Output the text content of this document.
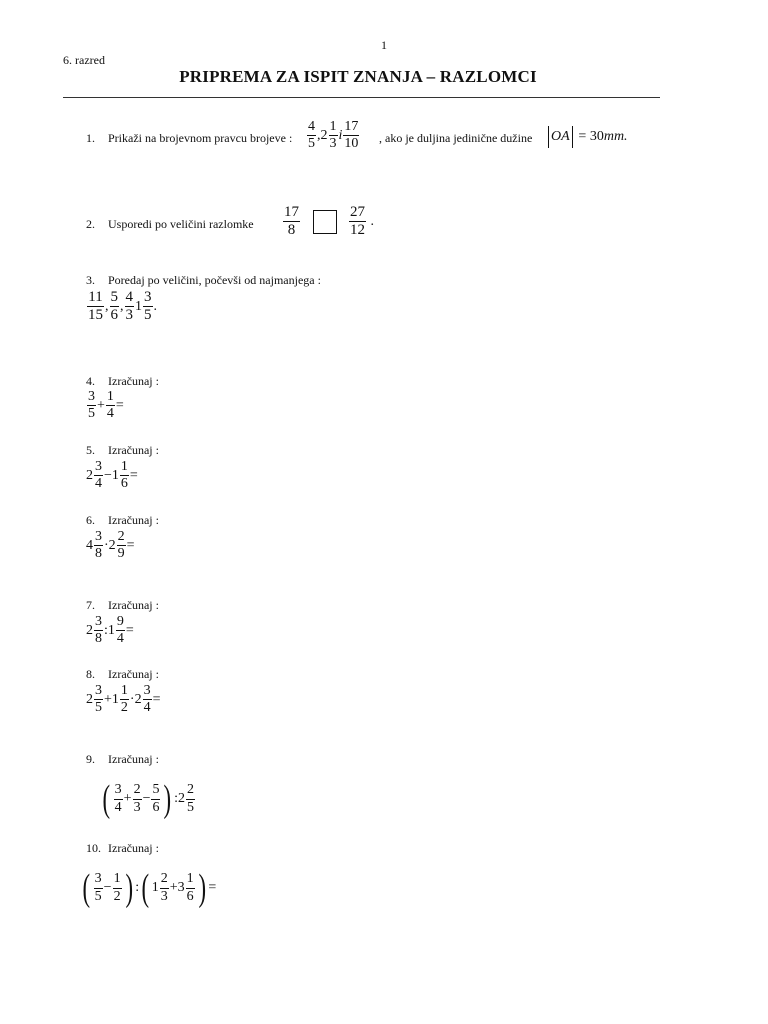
1
6. razred
PRIPREMA ZA ISPIT ZNANJA – RAZLOMCI
1. Prikaži na brojevnom pravcu brojeve : $\frac{4}{5} ,2 \frac{1}{3}$ i $\frac{17}{10}$ , ako je duljina jedinične dužine	OA = 30mm.
2. Usporedi po veličini razlomke $\frac{17}{8}$
	$\frac{27}{12}$ .
3. Poredaj po veličini, počevši od najmanjega :
$\frac{11}{15}$ , $\frac{5}{6}$ , $\frac{4}{3} 1 \frac{3}{5}$ .
4. Izračunaj :
$\frac{3}{5} + \frac{1}{4}$ =
5. Izračunaj :
$2 \frac{3}{4} -1 \frac{1}{6}$ =
6. Izračunaj :
$4 \frac{3}{8} \cdot 2 \frac{2}{9}$ =
7. Izračunaj :
$2 \frac{3}{8}$ :1 $\frac{9}{4}$ =
8. Izračunaj :
$2 \frac{3}{5} +1 \frac{1}{2} \cdot 2 \frac{3}{4}$ =
9. Izračunaj :
( $\frac{3}{4} + \frac{2}{3} - \frac{5}{6}$ ) :2 $\frac{2}{5}$
10. Izračunaj :
( $\frac{3}{5} - \frac{1}{2}$ ) :( $1 \frac{2}{3} +3 \frac{1}{6}$ ) =
